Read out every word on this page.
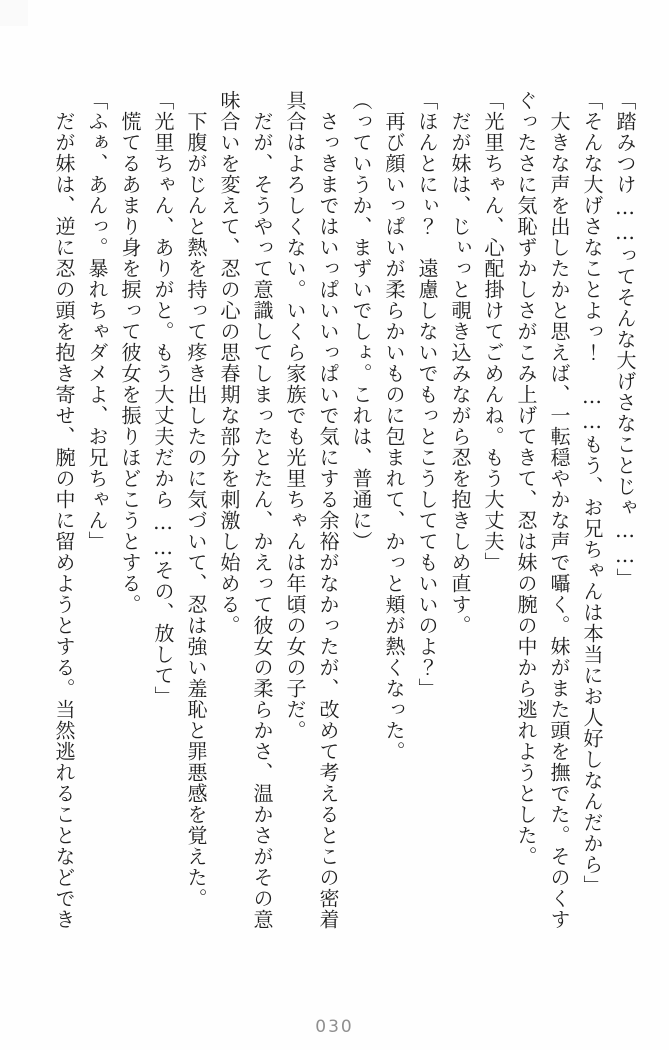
「踏みつけ……ってそんな大げさなことじゃ……」

「そんな大げさなことよっ！　……もう、お兄ちゃんは本当にお人好しなんだから」

大きな声を出したかと思えば、一転穏やかな声で囁く。妹がまた頭を撫でた。そのくす

ぐったさに気恥ずかしさがこみ上げてきて、忍は妹の腕の中から逃れようとした。

「光里ちゃん、心配掛けてごめんね。もう大丈夫」

だが妹は、じぃっと覗き込みながら忍を抱きしめ直す。

「ほんとにぃ？　遠慮しないでもっとこうしててもいいのよ？」

再び顔いっぱいが柔らかいものに包まれて、かっと頬が熱くなった。

（っていうか、まずいでしょ。これは、普通に）

さっきまではいっぱいいっぱいで気にする余裕がなかったが、改めて考えるとこの密着

具合はよろしくない。いくら家族でも光里ちゃんは年頃の女の子だ。

だが、そうやって意識してしまったとたん、かえって彼女の柔らかさ、温かさがその意

味合いを変えて、忍の心の思春期な部分を刺激し始める。

下腹がじんと熱を持って疼き出したのに気づいて、忍は強い羞恥と罪悪感を覚えた。

「光里ちゃん、ありがと。もう大丈夫だから……その、放して」

慌てるあまり身を捩って彼女を振りほどこうとする。

「ふぁ、あんっ。暴れちゃダメよ、お兄ちゃん」

だが妹は、逆に忍の頭を抱き寄せ、腕の中に留めようとする。当然逃れることなどでき

030
